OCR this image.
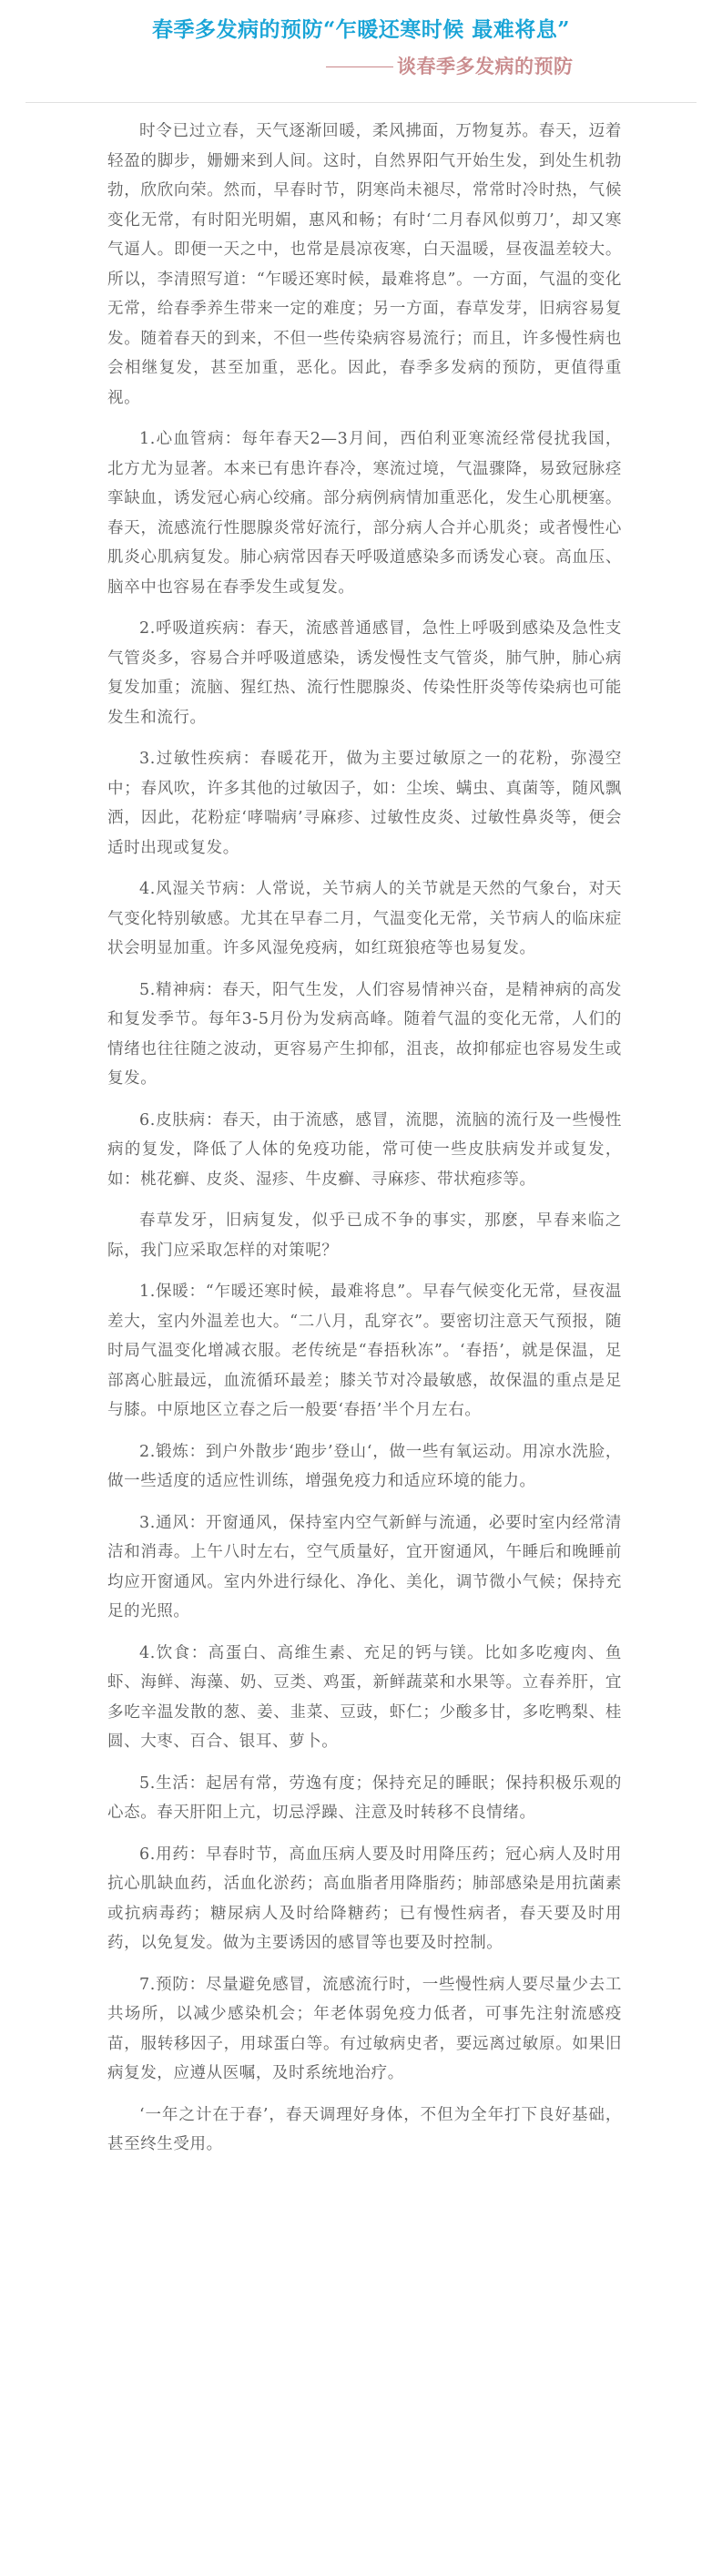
春季多发病的预防“乍暖还寒时候 最难将息”
谈春季多发病的预防

时令已过立春，天气逐渐回暖，柔风拂面，万物复苏。春天，迈着轻盈的脚步，姗姗来到人间。这时，自然界阳气开始生发，到处生机勃勃，欣欣向荣。然而，早春时节，阴寒尚未褪尽，常常时冷时热，气候变化无常，有时阳光明媚，惠风和畅；有时‘二月春风似剪刀’，却又寒气逼人。即便一天之中，也常是晨凉夜寒，白天温暖，昼夜温差较大。所以，李清照写道：“乍暖还寒时候，最难将息”。一方面，气温的变化无常，给春季养生带来一定的难度；另一方面，春草发芽，旧病容易复发。随着春天的到来，不但一些传染病容易流行；而且，许多慢性病也会相继复发，甚至加重，恶化。因此，春季多发病的预防，更值得重视。

1.心血管病：每年春天2—3月间，西伯利亚寒流经常侵扰我国，北方尤为显著。本来已有患许春冷，寒流过境，气温骤降，易致冠脉痉挛缺血，诱发冠心病心绞痛。部分病例病情加重恶化，发生心肌梗塞。春天，流感流行性腮腺炎常好流行，部分病人合并心肌炎；或者慢性心肌炎心肌病复发。肺心病常因春天呼吸道感染多而诱发心衰。高血压、脑卒中也容易在春季发生或复发。

2.呼吸道疾病：春天，流感普通感冒，急性上呼吸到感染及急性支气管炎多，容易合并呼吸道感染，诱发慢性支气管炎，肺气肿，肺心病复发加重；流脑、猩红热、流行性腮腺炎、传染性肝炎等传染病也可能发生和流行。

3.过敏性疾病：春暖花开，做为主要过敏原之一的花粉，弥漫空中；春风吹，许多其他的过敏因子，如：尘埃、螨虫、真菌等，随风飘洒，因此，花粉症‘哮喘病’寻麻疹、过敏性皮炎、过敏性鼻炎等，便会适时出现或复发。

4.风湿关节病：人常说，关节病人的关节就是天然的气象台，对天气变化特别敏感。尤其在早春二月，气温变化无常，关节病人的临床症状会明显加重。许多风湿免疫病，如红斑狼疮等也易复发。

5.精神病：春天，阳气生发，人们容易情神兴奋，是精神病的高发和复发季节。每年3-5月份为发病高峰。随着气温的变化无常，人们的情绪也往往随之波动，更容易产生抑郁，沮丧，故抑郁症也容易发生或复发。

6.皮肤病：春天，由于流感，感冒，流腮，流脑的流行及一些慢性病的复发，降低了人体的免疫功能，常可使一些皮肤病发并或复发，如：桃花癣、皮炎、湿疹、牛皮癣、寻麻疹、带状疱疹等。

春草发牙，旧病复发，似乎已成不争的事实，那麽，早春来临之际，我门应采取怎样的对策呢？

1.保暖：“乍暖还寒时候，最难将息”。早春气候变化无常，昼夜温差大，室内外温差也大。“二八月，乱穿衣”。要密切注意天气预报，随时局气温变化增减衣服。老传统是“春捂秋冻”。‘春捂’，就是保温，足部离心脏最远，血流循环最差；膝关节对冷最敏感，故保温的重点是足与膝。中原地区立春之后一般要‘春捂’半个月左右。

2.锻炼：到户外散步‘跑步’登山‘，做一些有氧运动。用凉水洗脸，做一些适度的适应性训练，增强免疫力和适应环境的能力。

3.通风：开窗通风，保持室内空气新鲜与流通，必要时室内经常清洁和消毒。上午八时左右，空气质量好，宜开窗通风，午睡后和晚睡前均应开窗通风。室内外进行绿化、净化、美化，调节微小气候；保持充足的光照。

4.饮食：高蛋白、高维生素、充足的钙与镁。比如多吃瘦肉、鱼虾、海鲜、海藻、奶、豆类、鸡蛋，新鲜蔬菜和水果等。立春养肝，宜多吃辛温发散的葱、姜、韭菜、豆豉，虾仁；少酸多甘，多吃鸭梨、桂圆、大枣、百合、银耳、萝卜。

5.生活：起居有常，劳逸有度；保持充足的睡眠；保持积极乐观的心态。春天肝阳上亢，切忌浮躁、注意及时转移不良情绪。

6.用药：早春时节，高血压病人要及时用降压药；冠心病人及时用抗心肌缺血药，活血化淤药；高血脂者用降脂药；肺部感染是用抗菌素或抗病毒药；糖尿病人及时给降糖药；已有慢性病者，春天要及时用药，以免复发。做为主要诱因的感冒等也要及时控制。

7.预防：尽量避免感冒，流感流行时，一些慢性病人要尽量少去工共场所，以减少感染机会；年老体弱免疫力低者，可事先注射流感疫苗，服转移因子，用球蛋白等。有过敏病史者，要远离过敏原。如果旧病复发，应遵从医嘱，及时系统地治疗。

‘一年之计在于春’，春天调理好身体，不但为全年打下良好基础，甚至终生受用。
